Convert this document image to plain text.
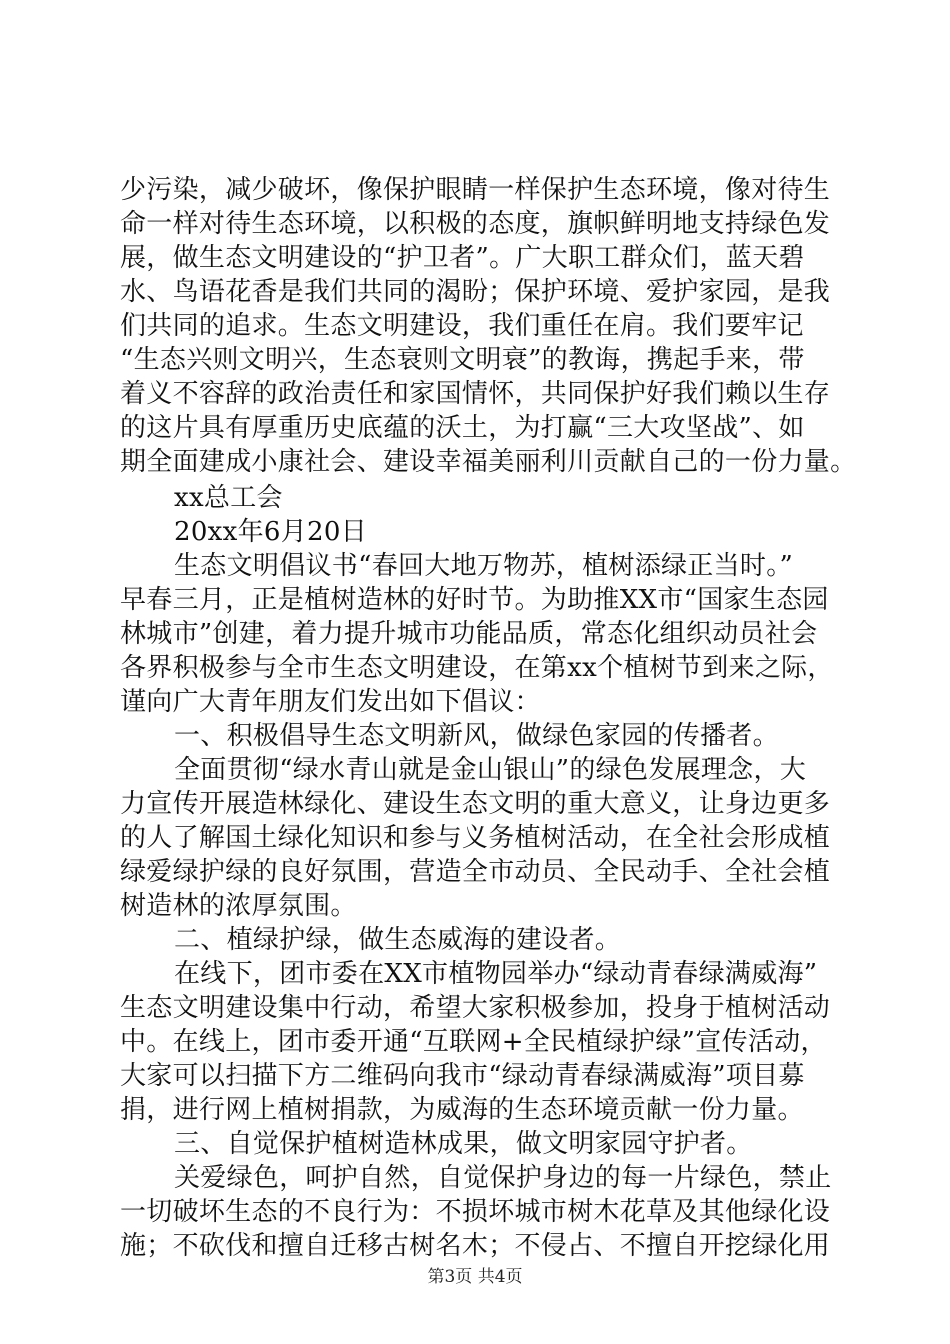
少污染，减少破坏，像保护眼睛一样保护生态环境，像对待生
命一样对待生态环境，以积极的态度，旗帜鲜明地支持绿色发
展，做生态文明建设的“护卫者”。广大职工群众们，蓝天碧
水、鸟语花香是我们共同的渴盼；保护环境、爱护家园，是我
们共同的追求。生态文明建设，我们重任在肩。我们要牢记
“生态兴则文明兴，生态衰则文明衰”的教诲，携起手来，带
着义不容辞的政治责任和家国情怀，共同保护好我们赖以生存
的这片具有厚重历史底蕴的沃土，为打赢“三大攻坚战”、如
期全面建成小康社会、建设幸福美丽利川贡献自己的一份力量。
xx总工会
20xx年6月20日
生态文明倡议书“春回大地万物苏，植树添绿正当时。”
早春三月，正是植树造林的好时节。为助推XX市“国家生态园
林城市”创建，着力提升城市功能品质，常态化组织动员社会
各界积极参与全市生态文明建设，在第xx个植树节到来之际，
谨向广大青年朋友们发出如下倡议：
一、积极倡导生态文明新风，做绿色家园的传播者。
全面贯彻“绿水青山就是金山银山”的绿色发展理念，大
力宣传开展造林绿化、建设生态文明的重大意义，让身边更多
的人了解国土绿化知识和参与义务植树活动，在全社会形成植
绿爱绿护绿的良好氛围，营造全市动员、全民动手、全社会植
树造林的浓厚氛围。
二、植绿护绿，做生态威海的建设者。
在线下，团市委在XX市植物园举办“绿动青春绿满威海”
生态文明建设集中行动，希望大家积极参加，投身于植树活动
中。在线上，团市委开通“互联网+全民植绿护绿”宣传活动，
大家可以扫描下方二维码向我市“绿动青春绿满威海”项目募
捐，进行网上植树捐款，为威海的生态环境贡献一份力量。
三、自觉保护植树造林成果，做文明家园守护者。
关爱绿色，呵护自然，自觉保护身边的每一片绿色，禁止
一切破坏生态的不良行为：不损坏城市树木花草及其他绿化设
施；不砍伐和擅自迁移古树名木；不侵占、不擅自开挖绿化用
第3页 共4页
